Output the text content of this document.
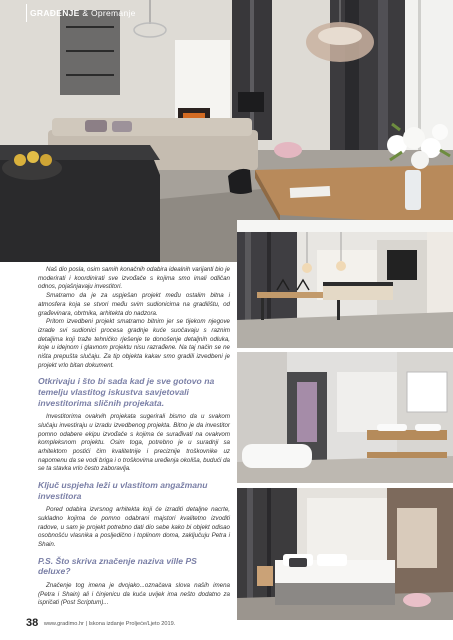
GRAĐENJE & Opremanje

Naš dio posla, osim samih konačnih odabira idealnih varijanti bio je moderirati i koordinirati sve izvođače s kojima smo imali odličan odnos, pojašnjavaju investitori.

Smatramo da je za uspješan projekt među ostalim bitna i atmosfera koja se stvori među svim sudionicima na gradilištu, od građevinara, obrtnika, arhitekta do nadzora.

Pritom izvedbeni projekt smatramo bitnim jer se tijekom njegove izrade svi sudionici procesa gradnje kuće suočavaju s raznim detaljima koji traže tehničko rješenje te donošenje detaljnih odluka, koje u idejnom i glavnom projektu nisu razrađene. Na taj način se ne ništa prepušta slučaju. Za tip objekta kakav smo gradili izvedbeni je projekt vrlo bitan dokument.

Otkrivaju i što bi sada kad je sve gotovo na temelju vlastitog iskustva savjetovali investitorima sličnih projekata.

Investitorima ovakvih projekata sugerirali bismo da u svakom slučaju investiraju u izradu izvedbenog projekta. Bitno je da investitor pomno odabere ekipu izvođače s kojima će surađivati na ovakvom kompleksnom projektu. Osim toga, potrebno je u suradnji sa arhitektom postići čim kvalitetnije i preciznije troškovnike uz napomenu da se vodi briga i o troškovima uređenja okoliša, budući da se ta stavka vrlo često zaboravlja.

Ključ uspjeha leži u vlastitom angažmanu investitora

Pored odabira izvrsnog arhitekta koji će izraditi detaljne nacrte, sukladno kojima će pomno odabrani majstori kvalitetno izvoditi radove, u sam je projekt potrebno dati dio sebe kako bi objekt odisao osobnošću vlasnika a posljedično i toplinom doma, zaključuju Petra i Shain.

P.S. Što skriva značenje naziva ville PS deluxe?

Značenje tog imena je dvojako...označava slova naših imena (Petra i Shain) ali i činjenicu da kuća uvijek ima nešto dodatno za ispričati (Post Scriptum)...

38 www.gradimo.hr | Iskona izdanje Proljeće/Ljeto 2019.
